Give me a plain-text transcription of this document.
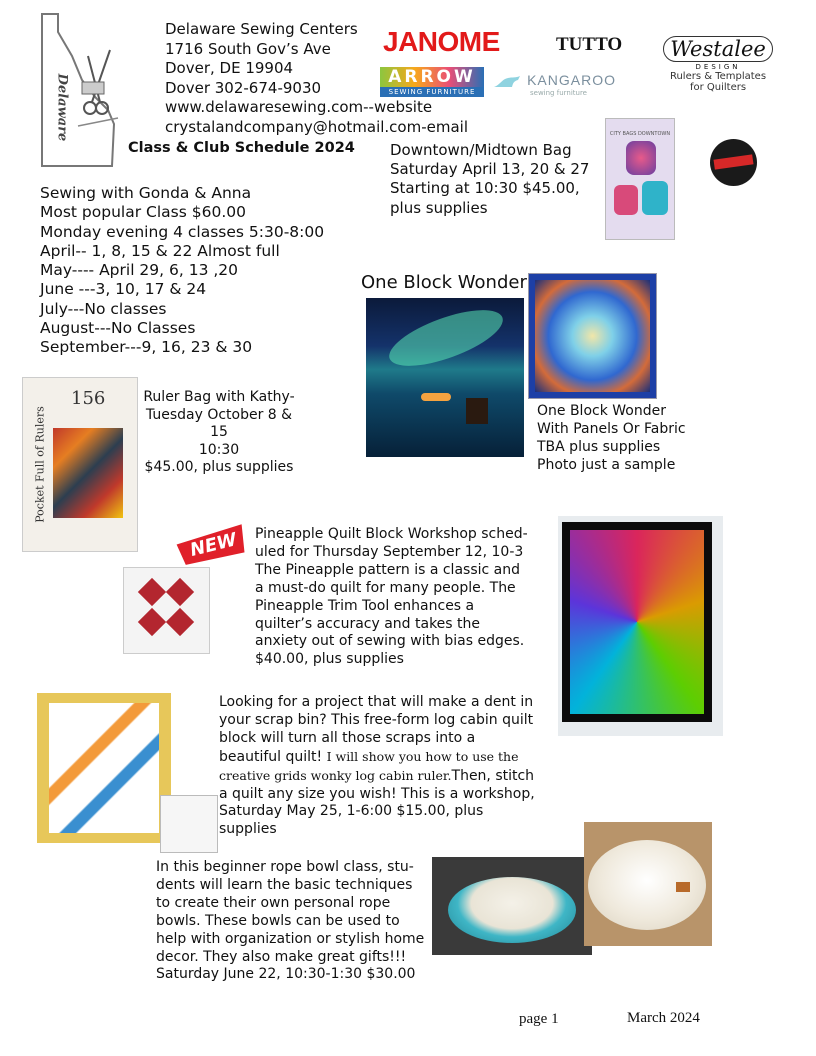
Delaware
Delaware Sewing Centers
1716 South Gov’s Ave
Dover, DE 19904
Dover 302-674-9030
www.delawaresewing.com--website
crystalandcompany@hotmail.com-email
Class & Club Schedule 2024
JANOME	TUTTO
ARROW
SEWING FURNITURE
KANGAROO
sewing furniture
Westalee
DESIGN
Rulers & Templates
for Quilters
Sewing with Gonda & Anna
Most popular Class $60.00
Monday evening 4 classes 5:30-8:00
April-- 1, 8, 15 & 22 Almost full
May---- April 29, 6, 13 ,20
June ---3, 10, 17 & 24
July---No classes
August---No Classes
September---9, 16, 23 & 30
Downtown/Midtown Bag
Saturday April 13, 20 & 27
Starting at 10:30 $45.00,
plus supplies
CITY BAGS DOWNTOWN
One Block Wonder
One Block Wonder
With Panels Or Fabric
TBA plus supplies
Photo just a sample
156
Pocket Full of Rulers
Ruler Bag with Kathy-
Tuesday October 8 & 15
10:30
$45.00, plus supplies
NEW Pineapple Quilt Block Workshop sched-uled for Thursday September 12, 10-3 The Pineapple pattern is a classic and a must-do quilt for many people. The Pineapple Trim Tool enhances a quilter’s accuracy and takes the anxiety out of sewing with bias edges. $40.00, plus supplies
Looking for a project that will make a dent in your scrap bin? This free-form log cabin quilt block will turn all those scraps into a beautiful quilt! I will show you how to use the creative grids wonky log cabin ruler.Then, stitch a quilt any size you wish! This is a workshop, Saturday May 25, 1-6:00 $15.00, plus supplies
In this beginner rope bowl class, stu-dents will learn the basic techniques to create their own personal rope bowls. These bowls can be used to help with organization or stylish home decor. They also make great gifts!!!
Saturday June 22, 10:30-1:30 $30.00
page 1	March 2024
